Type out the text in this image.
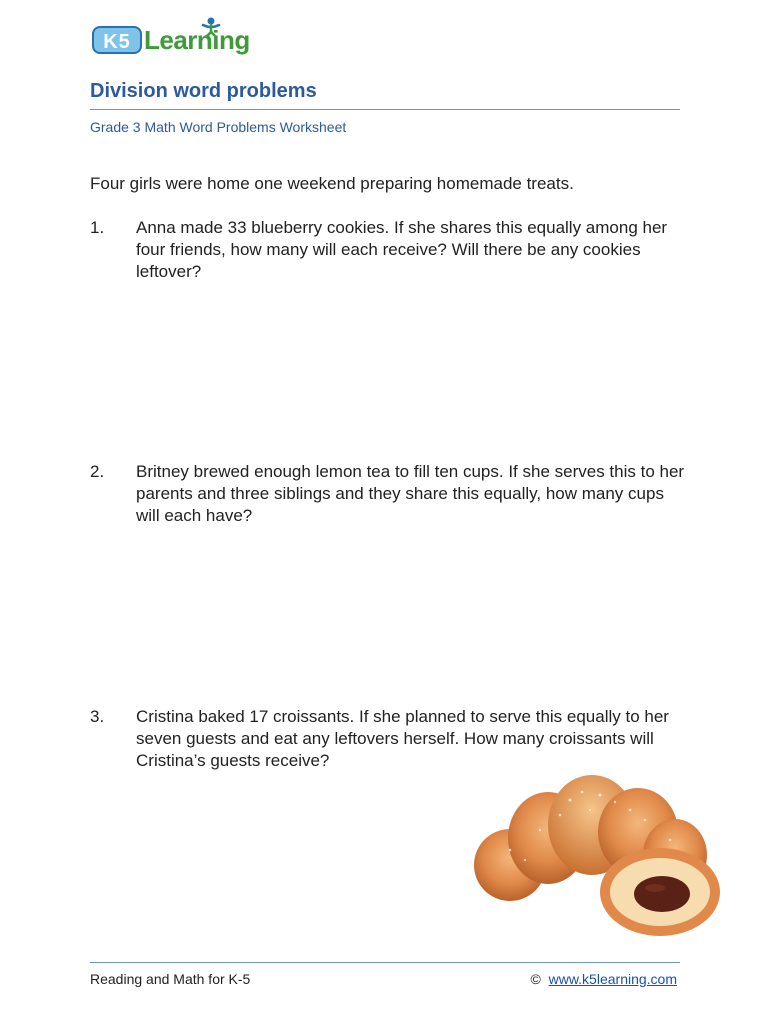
K5 Learning
Division word problems
Grade 3 Math Word Problems Worksheet
Four girls were home one weekend preparing homemade treats.
1. Anna made 33 blueberry cookies. If she shares this equally among her four friends, how many will each receive? Will there be any cookies leftover?
2. Britney brewed enough lemon tea to fill ten cups. If she serves this to her parents and three siblings and they share this equally, how many cups will each have?
3. Cristina baked 17 croissants. If she planned to serve this equally to her seven guests and eat any leftovers herself. How many croissants will Cristina’s guests receive?
Reading and Math for K-5	© www.k5learning.com
